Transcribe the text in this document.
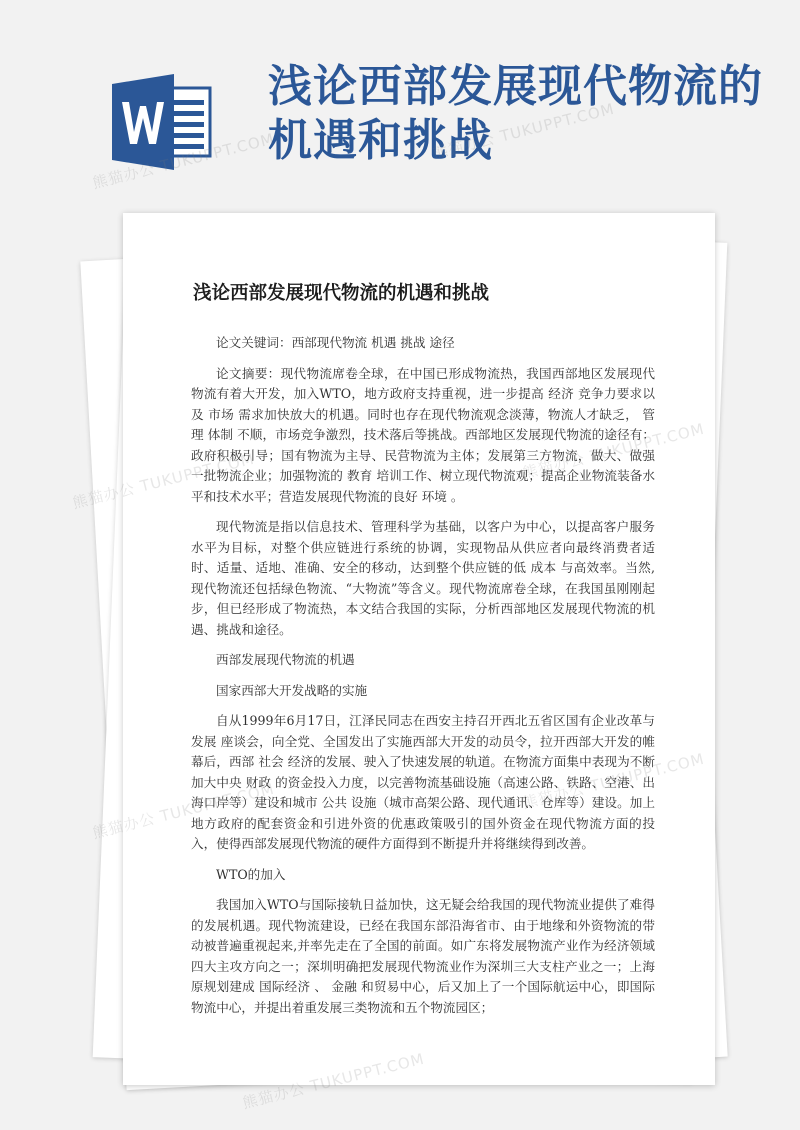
浅论西部发展现代物流的机遇和挑战
浅论西部发展现代物流的机遇和挑战

论文关键词：西部现代物流 机遇 挑战 途径

论文摘要：现代物流席卷全球，在中国已形成物流热，我国西部地区发展现代物流有着大开发，加入WTO，地方政府支持重视，进一步提高 经济 竞争力要求以及 市场 需求加快放大的机遇。同时也存在现代物流观念淡薄，物流人才缺乏， 管理 体制 不顺，市场竞争激烈，技术落后等挑战。西部地区发展现代物流的途径有：政府积极引导；国有物流为主导、民营物流为主体；发展第三方物流，做大、做强一批物流企业；加强物流的 教育 培训工作、树立现代物流观；提高企业物流装备水平和技术水平；营造发展现代物流的良好 环境 。

现代物流是指以信息技术、管理科学为基础，以客户为中心，以提高客户服务水平为目标，对整个供应链进行系统的协调，实现物品从供应者向最终消费者适时、适量、适地、准确、安全的移动，达到整个供应链的低 成本 与高效率。当然,现代物流还包括绿色物流、“大物流”等含义。现代物流席卷全球，在我国虽刚刚起步，但已经形成了物流热，本文结合我国的实际，分析西部地区发展现代物流的机遇、挑战和途径。

西部发展现代物流的机遇

国家西部大开发战略的实施

自从1999年6月17日，江泽民同志在西安主持召开西北五省区国有企业改革与发展 座谈会，向全党、全国发出了实施西部大开发的动员令，拉开西部大开发的帷幕后，西部 社会 经济的发展、驶入了快速发展的轨道。在物流方面集中表现为不断加大中央 财政 的资金投入力度，以完善物流基础设施（高速公路、铁路、空港、出海口岸等）建设和城市 公共 设施（城市高架公路、现代通讯、仓库等）建设。加上地方政府的配套资金和引进外资的优惠政策吸引的国外资金在现代物流方面的投入，使得西部发展现代物流的硬件方面得到不断提升并将继续得到改善。

WTO的加入

我国加入WTO与国际接轨日益加快，这无疑会给我国的现代物流业提供了难得的发展机遇。现代物流建设，已经在我国东部沿海省市、由于地缘和外资物流的带动被普遍重视起来,并率先走在了全国的前面。如广东将发展物流产业作为经济领域四大主攻方向之一；深圳明确把发展现代物流业作为深圳三大支柱产业之一；上海原规划建成 国际经济 、 金融 和贸易中心，后又加上了一个国际航运中心，即国际物流中心，并提出着重发展三类物流和五个物流园区；

熊猫办公 TUKUPPT.COM	熊猫办公 TUKUPPT.COM
